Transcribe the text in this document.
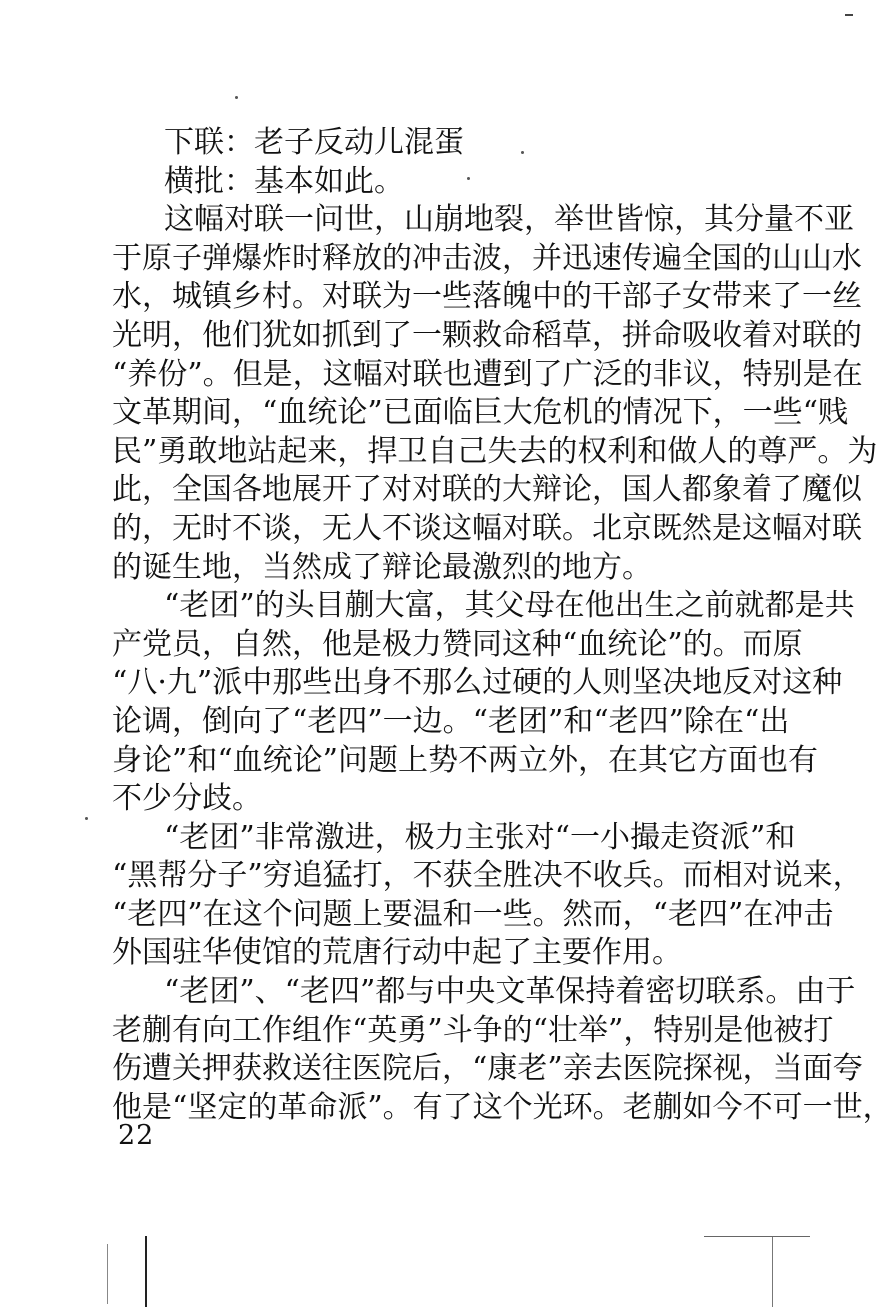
下联：老子反动儿混蛋
横批：基本如此。
这幅对联一问世，山崩地裂，举世皆惊，其分量不亚
于原子弹爆炸时释放的冲击波，并迅速传遍全国的山山水
水，城镇乡村。对联为一些落魄中的干部子女带来了一丝
光明，他们犹如抓到了一颗救命稻草，拼命吸收着对联的
“养份”。但是，这幅对联也遭到了广泛的非议，特别是在
文革期间，“血统论”已面临巨大危机的情况下，一些“贱
民”勇敢地站起来，捍卫自己失去的权利和做人的尊严。为
此，全国各地展开了对对联的大辩论，国人都象着了魔似
的，无时不谈，无人不谈这幅对联。北京既然是这幅对联
的诞生地，当然成了辩论最激烈的地方。
“老团”的头目蒯大富，其父母在他出生之前就都是共
产党员，自然，他是极力赞同这种“血统论”的。而原
“八·九”派中那些出身不那么过硬的人则坚决地反对这种
论调，倒向了“老四”一边。“老团”和“老四”除在“出
身论”和“血统论”问题上势不两立外，在其它方面也有
不少分歧。
“老团”非常激进，极力主张对“一小撮走资派”和
“黑帮分子”穷追猛打，不获全胜决不收兵。而相对说来，
“老四”在这个问题上要温和一些。然而，“老四”在冲击
外国驻华使馆的荒唐行动中起了主要作用。
“老团”、“老四”都与中央文革保持着密切联系。由于
老蒯有向工作组作“英勇”斗争的“壮举”，特别是他被打
伤遭关押获救送往医院后，“康老”亲去医院探视，当面夸
他是“坚定的革命派”。有了这个光环。老蒯如今不可一世，
22
